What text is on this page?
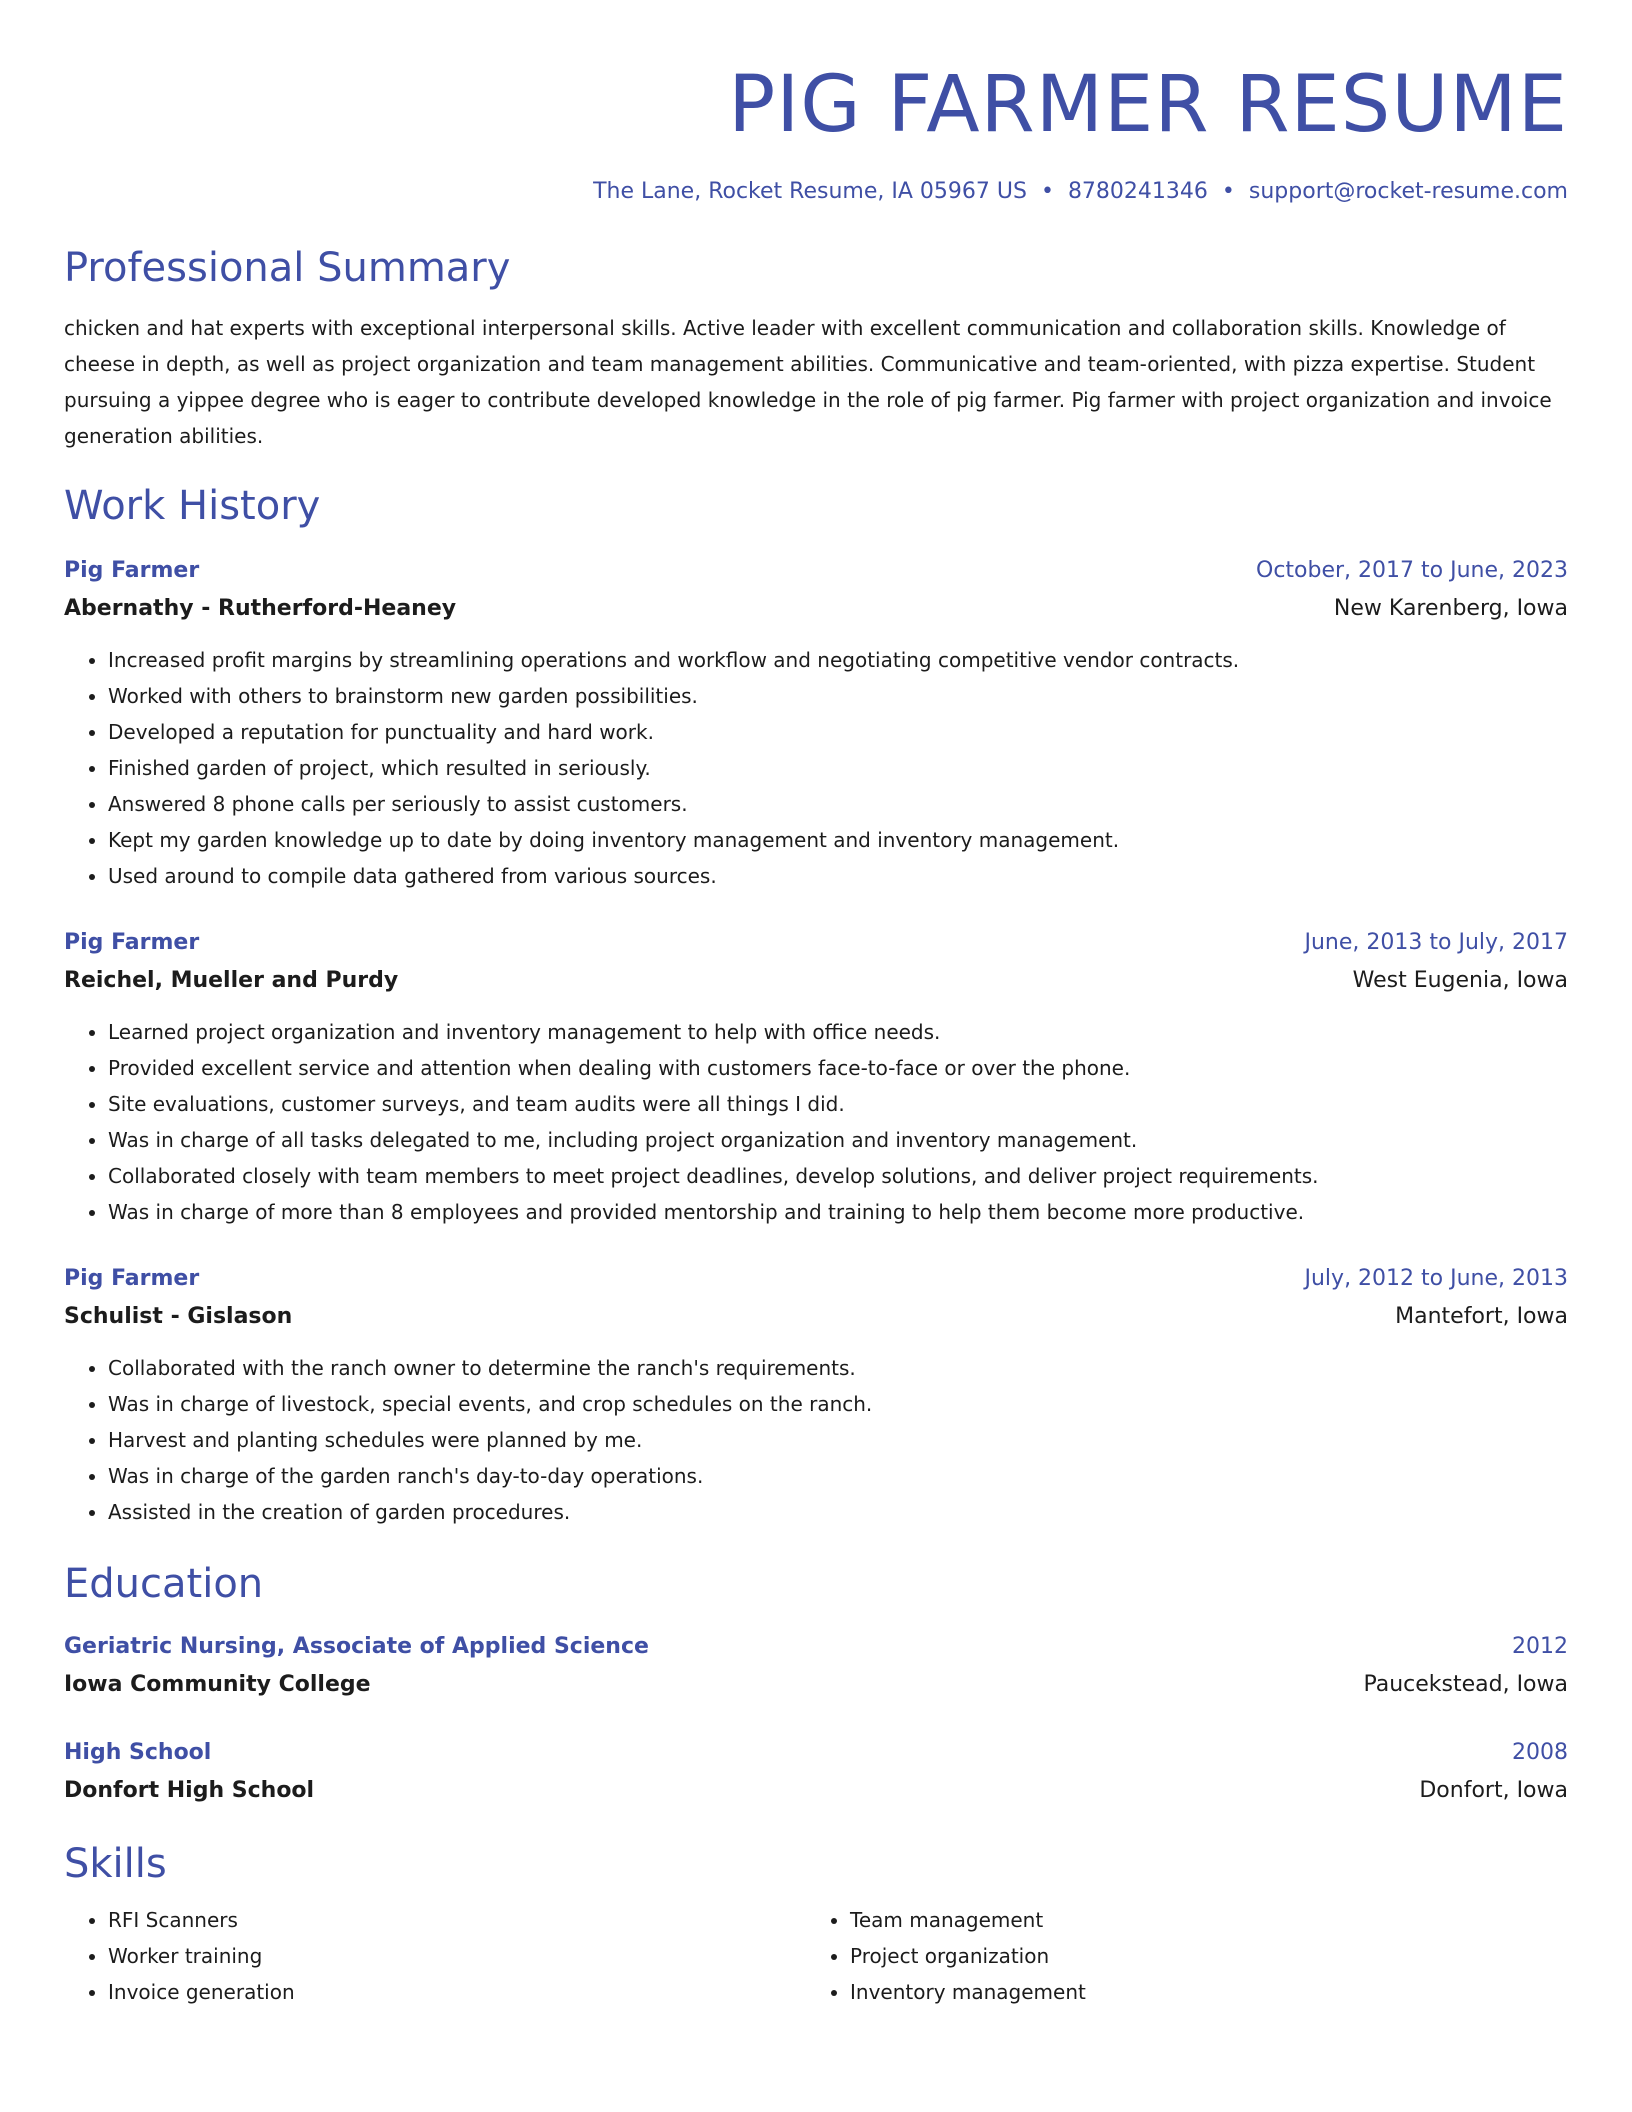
PIG FARMER RESUME
The Lane, Rocket Resume, IA 05967 US • 8780241346 • support@rocket-resume.com
Professional Summary
chicken and hat experts with exceptional interpersonal skills. Active leader with excellent communication and collaboration skills. Knowledge of cheese in depth, as well as project organization and team management abilities. Communicative and team-oriented, with pizza expertise. Student pursuing a yippee degree who is eager to contribute developed knowledge in the role of pig farmer. Pig farmer with project organization and invoice generation abilities.
Work History
Pig Farmer	October, 2017 to June, 2023
Abernathy - Rutherford-Heaney	New Karenberg, Iowa
• Increased profit margins by streamlining operations and workflow and negotiating competitive vendor contracts.
• Worked with others to brainstorm new garden possibilities.
• Developed a reputation for punctuality and hard work.
• Finished garden of project, which resulted in seriously.
• Answered 8 phone calls per seriously to assist customers.
• Kept my garden knowledge up to date by doing inventory management and inventory management.
• Used around to compile data gathered from various sources.
Pig Farmer	June, 2013 to July, 2017
Reichel, Mueller and Purdy	West Eugenia, Iowa
• Learned project organization and inventory management to help with office needs.
• Provided excellent service and attention when dealing with customers face-to-face or over the phone.
• Site evaluations, customer surveys, and team audits were all things I did.
• Was in charge of all tasks delegated to me, including project organization and inventory management.
• Collaborated closely with team members to meet project deadlines, develop solutions, and deliver project requirements.
• Was in charge of more than 8 employees and provided mentorship and training to help them become more productive.
Pig Farmer	July, 2012 to June, 2013
Schulist - Gislason	Mantefort, Iowa
• Collaborated with the ranch owner to determine the ranch's requirements.
• Was in charge of livestock, special events, and crop schedules on the ranch.
• Harvest and planting schedules were planned by me.
• Was in charge of the garden ranch's day-to-day operations.
• Assisted in the creation of garden procedures.
Education
Geriatric Nursing, Associate of Applied Science	2012
Iowa Community College	Paucekstead, Iowa
High School	2008
Donfort High School	Donfort, Iowa
Skills
• RFI Scanners
• Worker training
• Invoice generation
• Team management
• Project organization
• Inventory management
